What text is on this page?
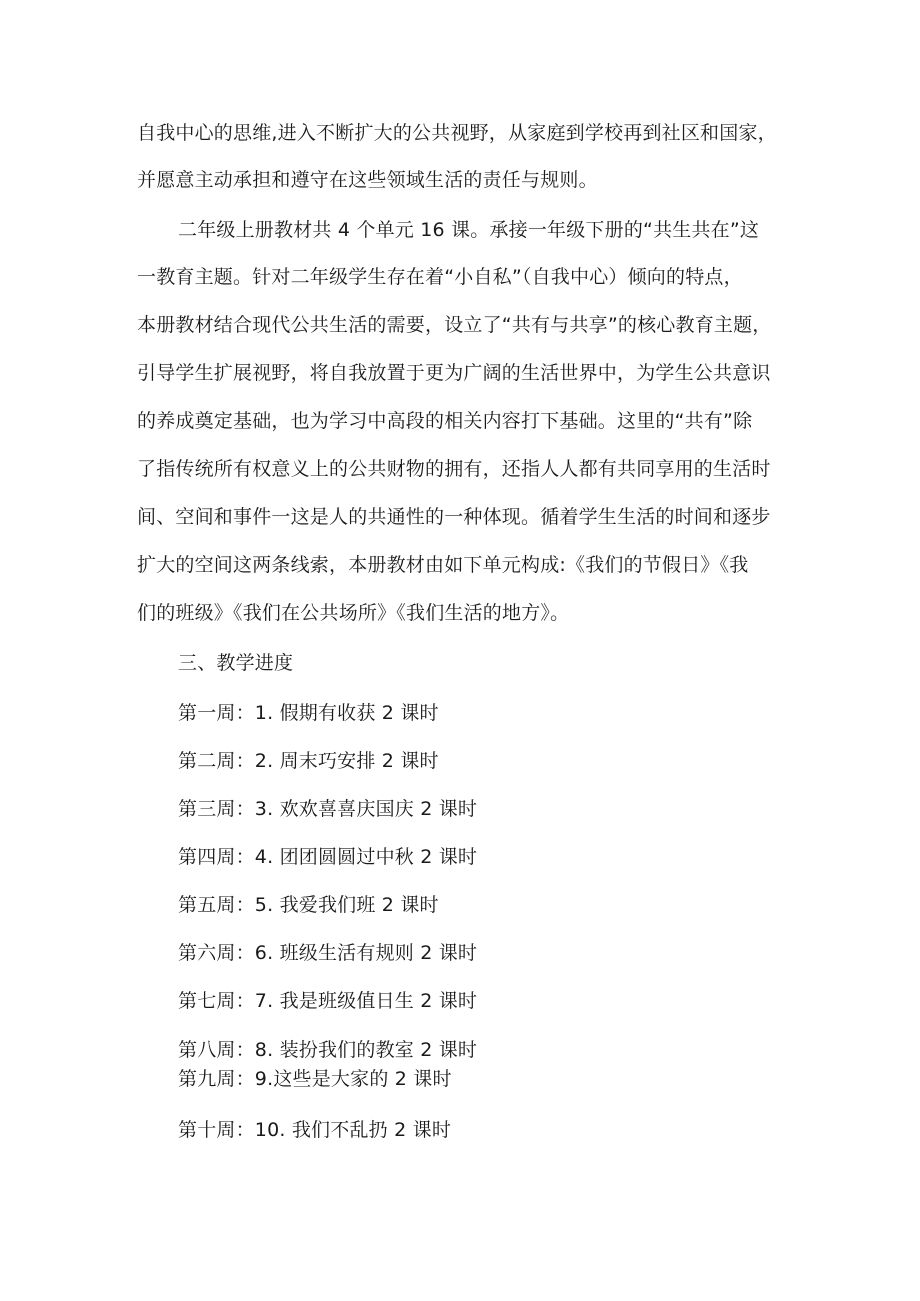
自我中心的思维,进入不断扩大的公共视野，从家庭到学校再到社区和国家，
并愿意主动承担和遵守在这些领域生活的责任与规则。
二年级上册教材共 4 个单元 16 课。承接一年级下册的“共生共在”这
一教育主题。针对二年级学生存在着“小自私”（自我中心）倾向的特点，
本册教材结合现代公共生活的需要，设立了“共有与共享”的核心教育主题，
引导学生扩展视野，将自我放置于更为广阔的生活世界中，为学生公共意识
的养成奠定基础，也为学习中高段的相关内容打下基础。这里的“共有”除
了指传统所有权意义上的公共财物的拥有，还指人人都有共同享用的生活时
间、空间和事件一这是人的共通性的一种体现。循着学生生活的时间和逐步
扩大的空间这两条线索，本册教材由如下单元构成:《我们的节假日》《我
们的班级》《我们在公共场所》《我们生活的地方》。
三、教学进度
第一周：1. 假期有收获 2 课时
第二周：2. 周末巧安排 2 课时
第三周：3. 欢欢喜喜庆国庆 2 课时
第四周：4. 团团圆圆过中秋 2 课时
第五周：5. 我爱我们班 2 课时
第六周：6. 班级生活有规则 2 课时
第七周：7. 我是班级值日生 2 课时
第八周：8. 装扮我们的教室 2 课时
第九周：9.这些是大家的 2 课时
第十周：10. 我们不乱扔 2 课时
